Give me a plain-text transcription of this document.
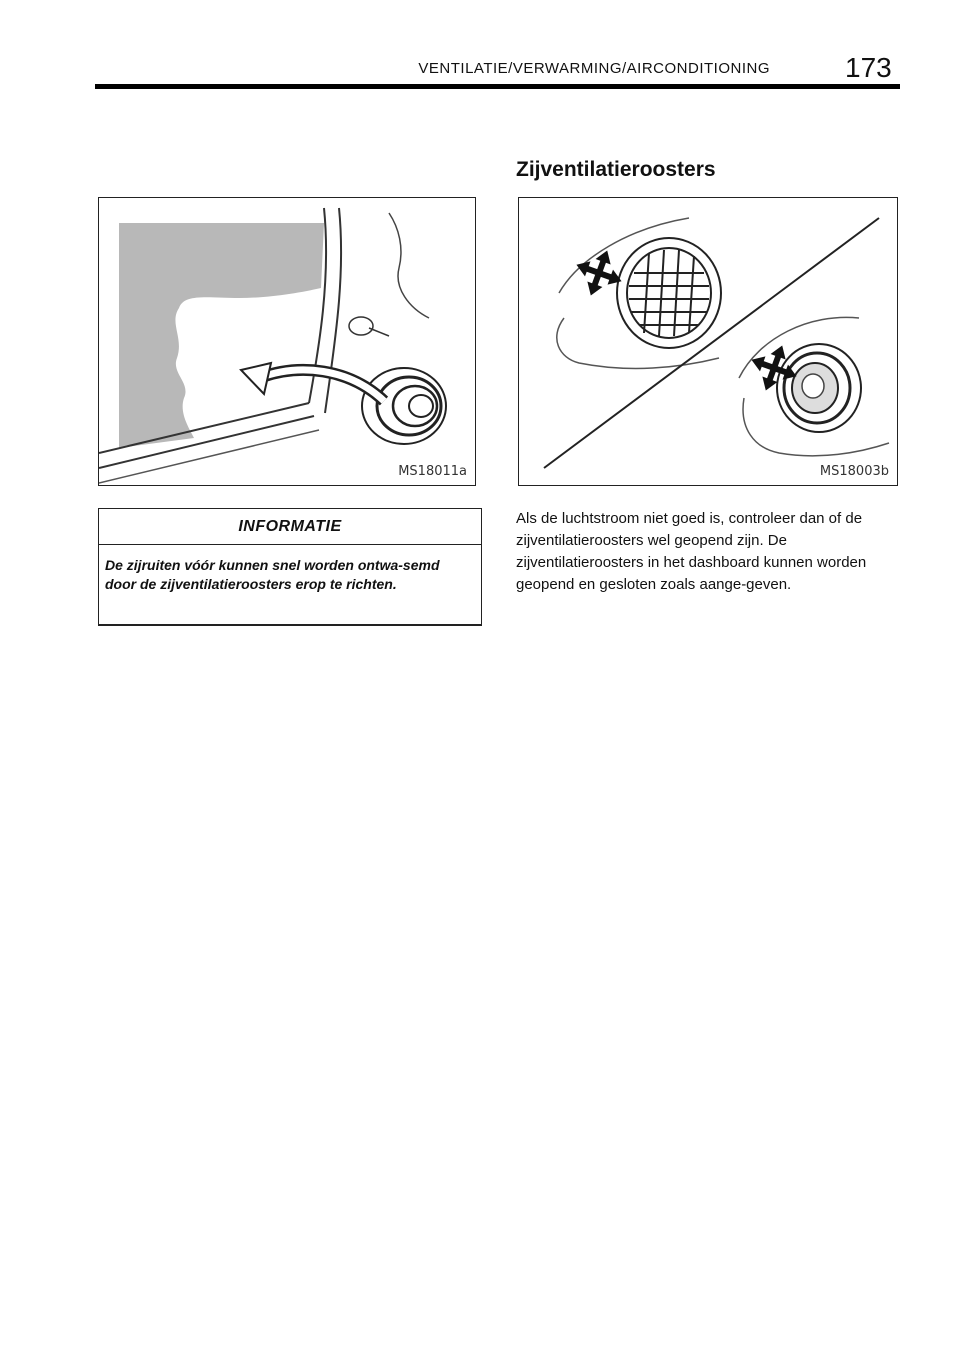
VENTILATIE/VERWARMING/AIRCONDITIONING	173
MS18011a
INFORMATIE
De zijruiten vóór kunnen snel worden ontwa-semd door de zijventilatieroosters erop te richten.
Zijventilatieroosters
MS18003b
Als de luchtstroom niet goed is, controleer dan of de zijventilatieroosters wel geopend zijn. De zijventilatieroosters in het dashboard kunnen worden geopend en gesloten zoals aange-geven.
